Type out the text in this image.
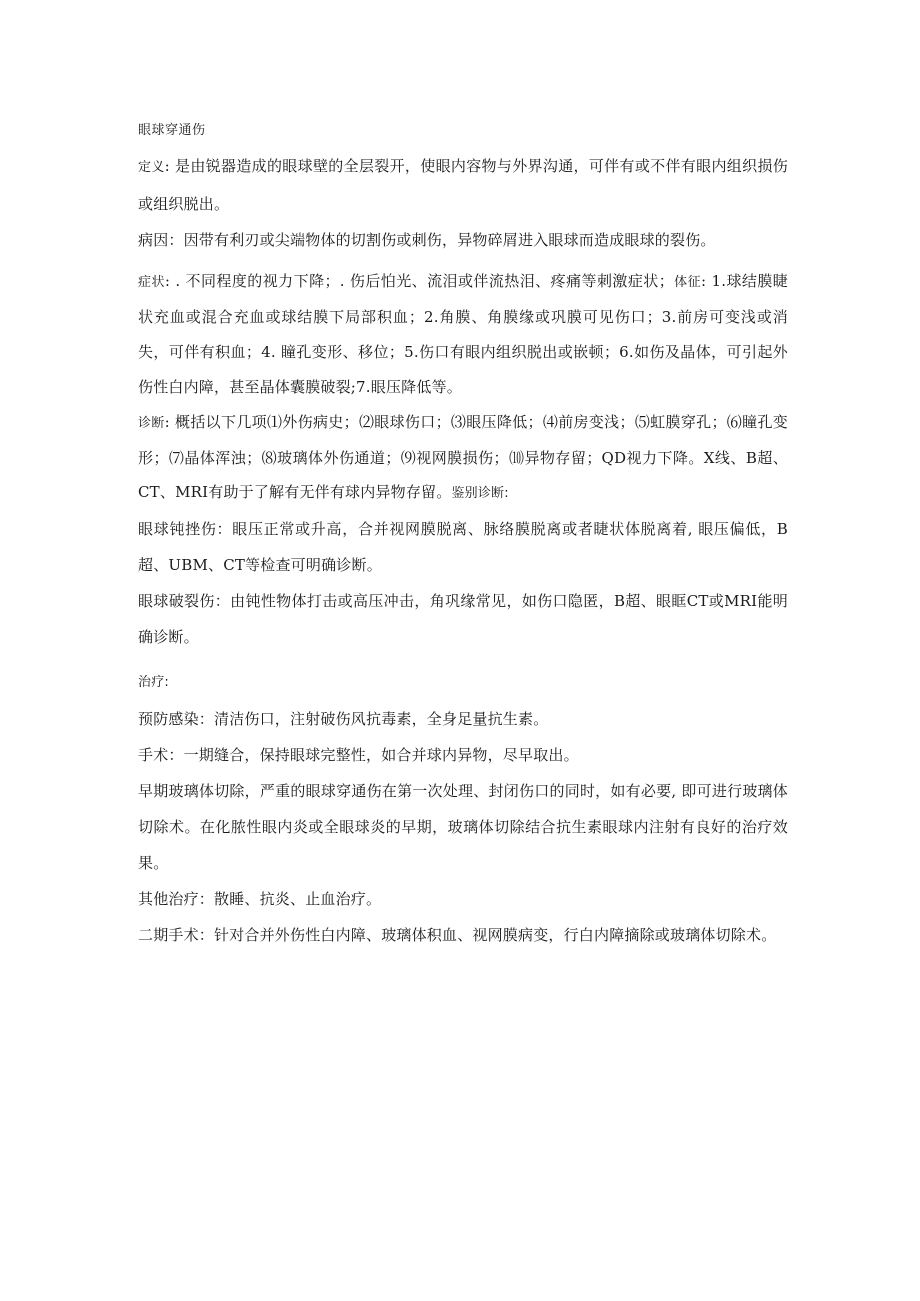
眼球穿通伤

定义: 是由锐器造成的眼球壁的全层裂开，使眼内容物与外界沟通，可伴有或不伴有眼内组织损伤或组织脱出。

病因：因带有利刃或尖端物体的切割伤或刺伤，异物碎屑进入眼球而造成眼球的裂伤。

症状: . 不同程度的视力下降；. 伤后怕光、流泪或伴流热泪、疼痛等刺激症状；体征: 1.球结膜睫状充血或混合充血或球结膜下局部积血；2.角膜、角膜缘或巩膜可见伤口；3.前房可变浅或消失，可伴有积血；4. 瞳孔变形、移位；5.伤口有眼内组织脱出或嵌顿；6.如伤及晶体，可引起外伤性白内障，甚至晶体囊膜破裂;7.眼压降低等。

诊断: 概括以下几项⑴外伤病史；⑵眼球伤口；⑶眼压降低；⑷前房变浅；⑸虹膜穿孔；⑹瞳孔变形；⑺晶体浑浊；⑻玻璃体外伤通道；⑼视网膜损伤；⑽异物存留；QD视力下降。X线、B超、CT、MRI有助于了解有无伴有球内异物存留。鉴别诊断:

眼球钝挫伤：眼压正常或升高，合并视网膜脱离、脉络膜脱离或者睫状体脱离着, 眼压偏低，B超、UBM、CT等检查可明确诊断。

眼球破裂伤：由钝性物体打击或高压冲击，角巩缘常见，如伤口隐匿，B超、眼眶CT或MRI能明确诊断。

治疗:

预防感染：清洁伤口，注射破伤风抗毒素，全身足量抗生素。

手术：一期缝合，保持眼球完整性，如合并球内异物，尽早取出。

早期玻璃体切除，严重的眼球穿通伤在第一次处理、封闭伤口的同时，如有必要, 即可进行玻璃体切除术。在化脓性眼内炎或全眼球炎的早期，玻璃体切除结合抗生素眼球内注射有良好的治疗效果。

其他治疗：散睡、抗炎、止血治疗。

二期手术：针对合并外伤性白内障、玻璃体积血、视网膜病变，行白内障摘除或玻璃体切除术。
